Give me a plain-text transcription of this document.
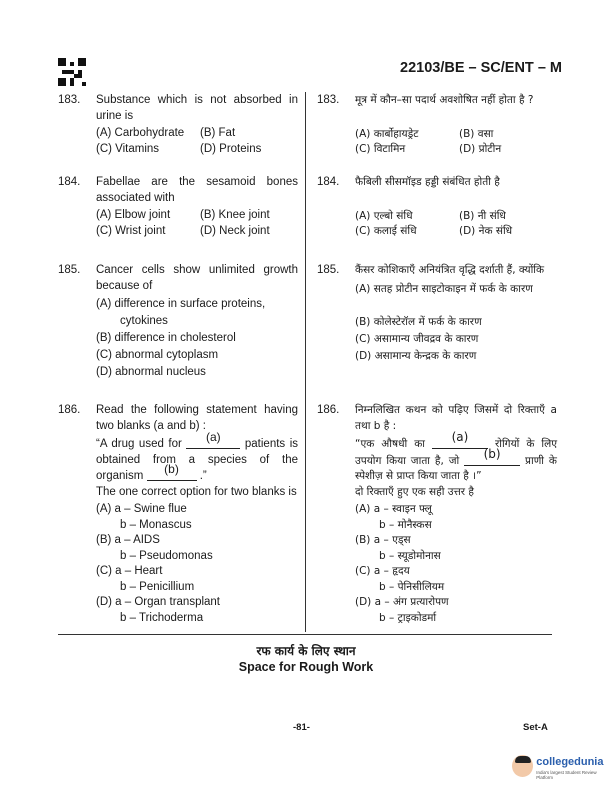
22103/BE – SC/ENT – M
183. Substance which is not absorbed in urine is

(A) Carbohydrate	(B) Fat
(C) Vitamins	(D) Proteins
184. Fabellae are the sesamoid bones associated with

(A) Elbow joint	(B) Knee joint
(C) Wrist joint	(D) Neck joint
185. Cancer cells show unlimited growth because of

(A) difference in surface proteins, cytokines
(B) difference in cholesterol
(C) abnormal cytoplasm
(D) abnormal nucleus
186. Read the following statement having two blanks (a and b) :

“A drug used for (a) patients is obtained from a species of the organism (b) .”

The one correct option for two blanks is

(A) a – Swine flue
b – Monascus
(B) a – AIDS
b – Pseudomonas
(C) a – Heart
b – Penicillium
(D) a – Organ transplant
b – Trichoderma
183. मूत्र में कौन–सा पदार्थ अवशोषित नहीं होता है ?

(A) कार्बोहायड्रेट	(B) वसा
(C) विटामिन	(D) प्रोटीन
184. फैबिली सीसमॉइड हड्डी संबंधित होती है

(A) एल्बो संधि	(B) नी संधि
(C) कलाई संधि	(D) नेक संधि
185. कैंसर कोशिकाएँ अनियंत्रित वृद्धि दर्शाती हैं, क्योंकि

(A) सतह प्रोटीन साइटोकाइन में फर्क के कारण
(B) कोलेस्टेरॉल में फर्क के कारण
(C) असामान्य जीवद्रव के कारण
(D) असामान्य केन्द्रक के कारण
186. निम्नलिखित कथन को पढ़िए जिसमें दो रिक्ताएँ a तथा b है :

“एक औषधी का (a)	रोगियों के लिए उपयोग किया जाता है, जो (b) प्राणी के स्पेशीज़ से प्राप्त किया जाता है ।”

दो रिक्ताएँ हुए एक सही उत्तर है

(A) a – स्वाइन फ्लू
b – मोनैस्कस
(B) a – एड्स
b – स्यूडोमोनास
(C) a – हृदय
b – पेनिसीलियम
(D) a – अंग प्रत्यारोपण
b – ट्राइकोडर्मा
रफ कार्य के लिए स्थान
Space for Rough Work
-81-	Set-A
collegedunia
India's largest Student Review Platform
